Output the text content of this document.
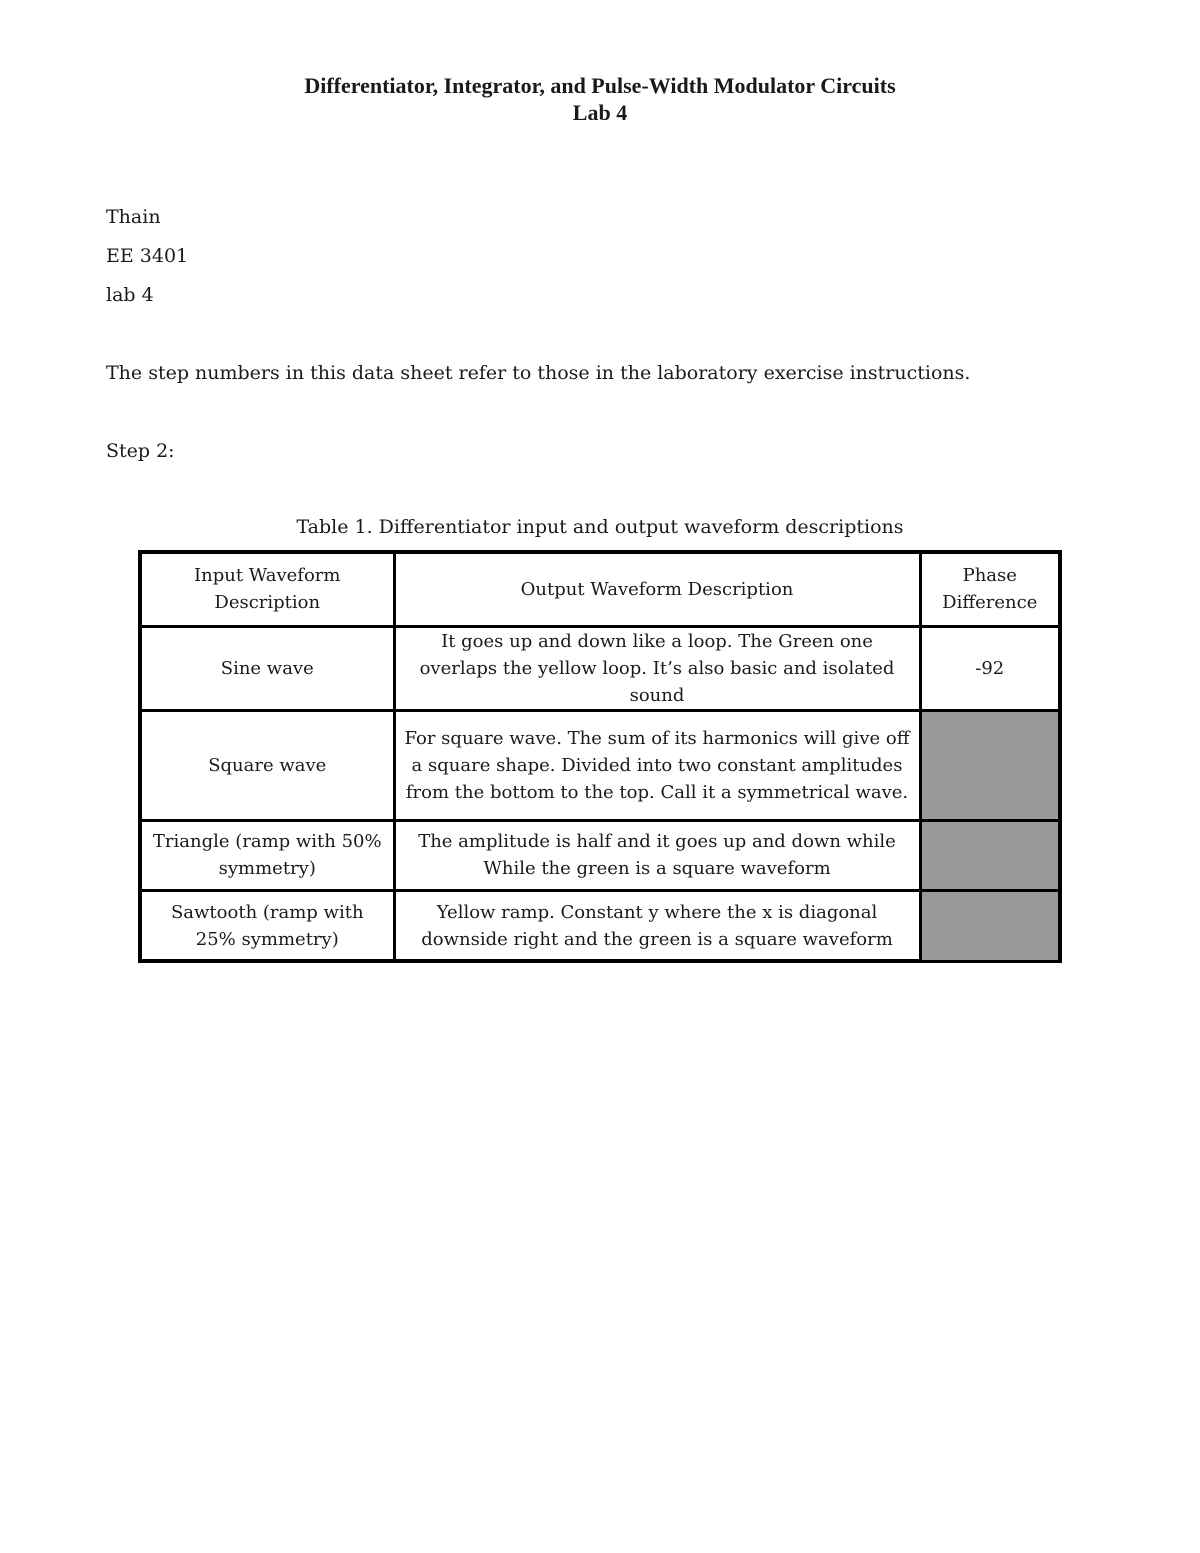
Differentiator, Integrator, and Pulse-Width Modulator Circuits
Lab 4

Thain

EE 3401

lab 4

The step numbers in this data sheet refer to those in the laboratory exercise instructions.

Step 2:

Table 1. Differentiator input and output waveform descriptions
Input Waveform Description	Output Waveform Description	Phase Difference
Sine wave	It goes up and down like a loop. The Green one overlaps the yellow loop. It’s also basic and isolated sound	-92
Square wave	For square wave. The sum of its harmonics will give off a square shape. Divided into two constant amplitudes from the bottom to the top. Call it a symmetrical wave.	
Triangle (ramp with 50% symmetry)	The amplitude is half and it goes up and down while While the green is a square waveform	
Sawtooth (ramp with 25% symmetry)	Yellow ramp. Constant y where the x is diagonal downside right and the green is a square waveform	
